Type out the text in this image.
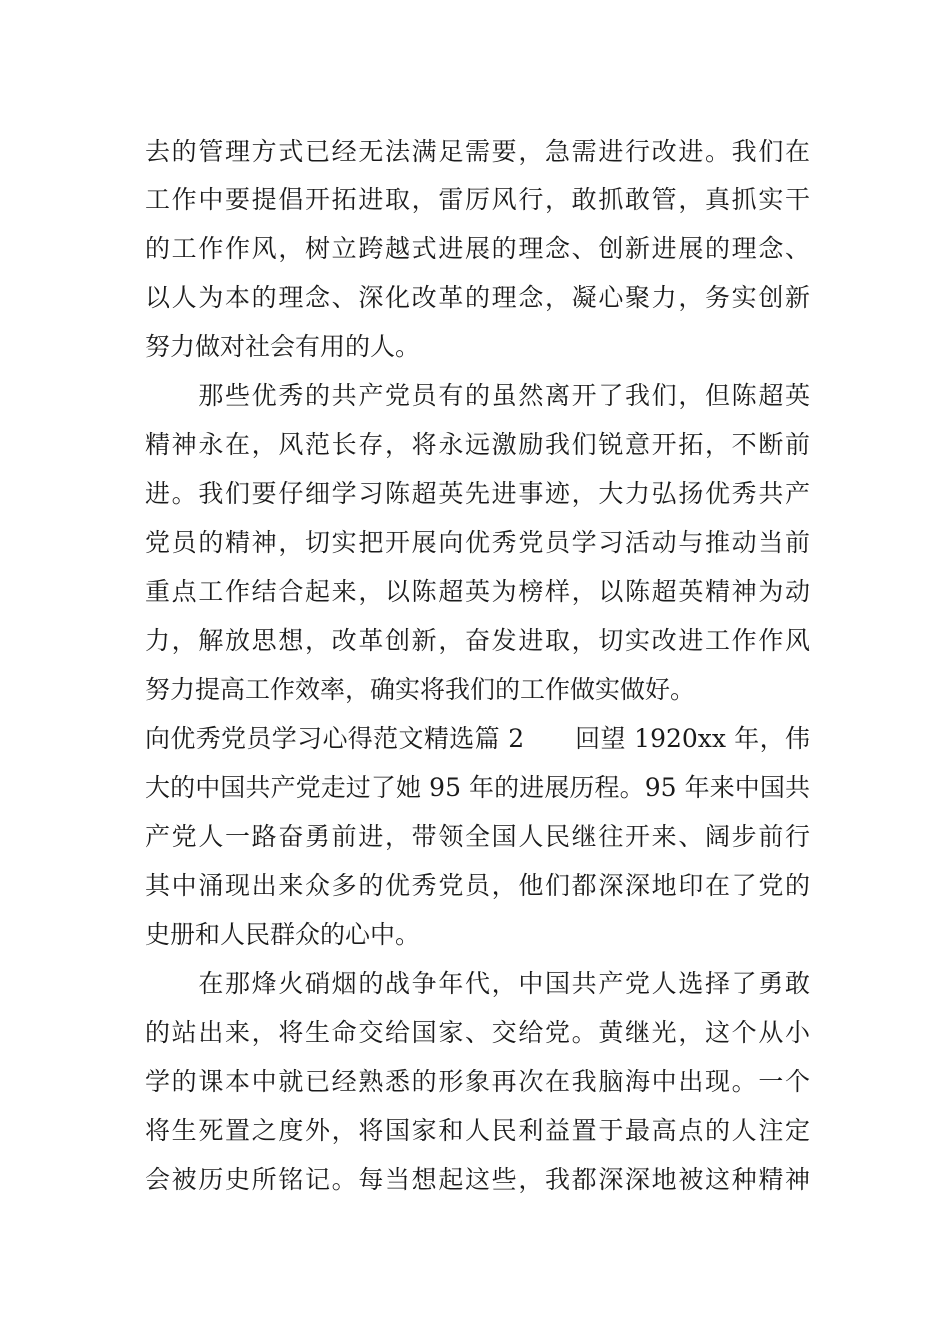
去的管理方式已经无法满足需要，急需进行改进。我们在
工作中要提倡开拓进取，雷厉风行，敢抓敢管，真抓实干
的工作作风，树立跨越式进展的理念、创新进展的理念、
以人为本的理念、深化改革的理念，凝心聚力，务实创新
努力做对社会有用的人。
　　那些优秀的共产党员有的虽然离开了我们，但陈超英
精神永在，风范长存，将永远激励我们锐意开拓，不断前
进。我们要仔细学习陈超英先进事迹，大力弘扬优秀共产
党员的精神，切实把开展向优秀党员学习活动与推动当前
重点工作结合起来，以陈超英为榜样，以陈超英精神为动
力，解放思想，改革创新，奋发进取，切实改进工作作风
努力提高工作效率，确实将我们的工作做实做好。
向优秀党员学习心得范文精选篇 2　　回望 1920xx 年，伟
大的中国共产党走过了她 95 年的进展历程。95 年来中国共
产党人一路奋勇前进，带领全国人民继往开来、阔步前行
其中涌现出来众多的优秀党员，他们都深深地印在了党的
史册和人民群众的心中。
　　在那烽火硝烟的战争年代，中国共产党人选择了勇敢
的站出来，将生命交给国家、交给党。黄继光，这个从小
学的课本中就已经熟悉的形象再次在我脑海中出现。一个
将生死置之度外，将国家和人民利益置于最高点的人注定
会被历史所铭记。每当想起这些，我都深深地被这种精神
